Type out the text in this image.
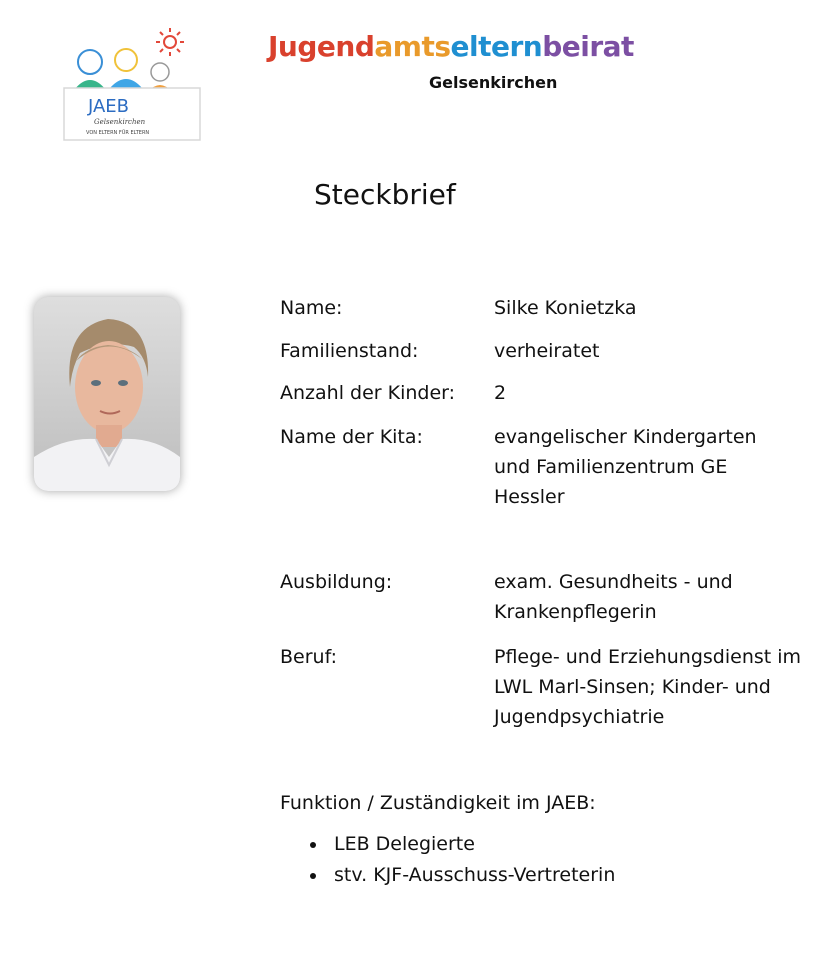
JAEB
Gelsenkirchen
VON ELTERN FÜR ELTERN
Jugendamtselternbeirat
Gelsenkirchen
Steckbrief
Name:	Silke Konietzka
Familienstand:	verheiratet
Anzahl der Kinder: 2
Name der Kita:	evangelischer Kindergarten und Familienzentrum GE Hessler
Ausbildung:	exam. Gesundheits - und Krankenpflegerin
Beruf:	Pflege- und Erziehungsdienst im LWL Marl-Sinsen; Kinder- und Jugendpsychiatrie
Funktion / Zuständigkeit im JAEB:
LEB Delegierte
stv. KJF-Ausschuss-Vertreterin
